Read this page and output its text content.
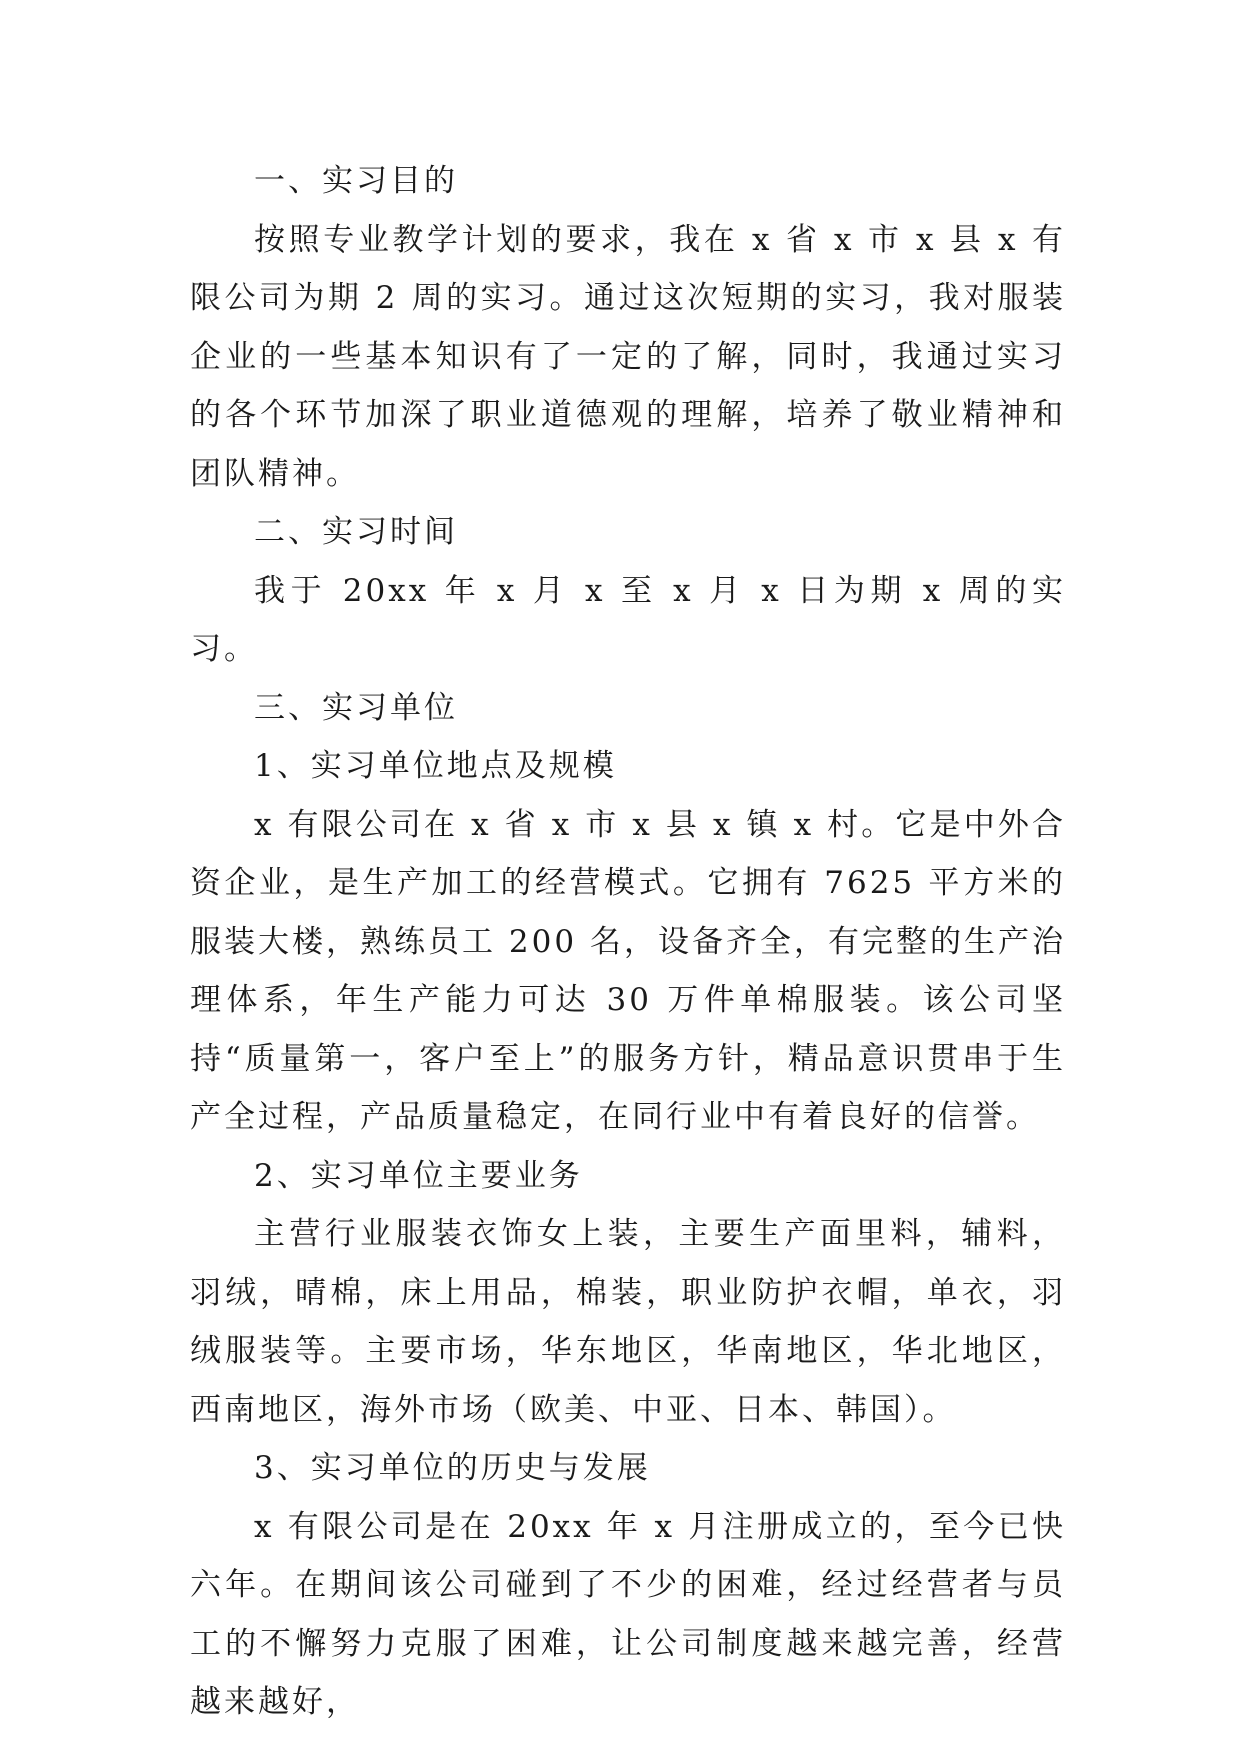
一、实习目的

按照专业教学计划的要求，我在 x 省 x 市 x 县 x 有限公司为期 2 周的实习。通过这次短期的实习，我对服装企业的一些基本知识有了一定的了解，同时，我通过实习的各个环节加深了职业道德观的理解，培养了敬业精神和团队精神。

二、实习时间

我于 20xx 年 x 月 x 至 x 月 x 日为期 x 周的实习。

三、实习单位

1、实习单位地点及规模

x 有限公司在 x 省 x 市 x 县 x 镇 x 村。它是中外合资企业，是生产加工的经营模式。它拥有 7625 平方米的服装大楼，熟练员工 200 名，设备齐全，有完整的生产治理体系，年生产能力可达 30 万件单棉服装。该公司坚持“质量第一，客户至上”的服务方针，精品意识贯串于生产全过程，产品质量稳定，在同行业中有着良好的信誉。

2、实习单位主要业务

主营行业服装衣饰女上装，主要生产面里料，辅料，羽绒，晴棉，床上用品，棉装，职业防护衣帽，单衣，羽绒服装等。主要市场，华东地区，华南地区，华北地区，西南地区，海外市场（欧美、中亚、日本、韩国）。

3、实习单位的历史与发展

x 有限公司是在 20xx 年 x 月注册成立的，至今已快六年。在期间该公司碰到了不少的困难，经过经营者与员工的不懈努力克服了困难，让公司制度越来越完善，经营越来越好，
